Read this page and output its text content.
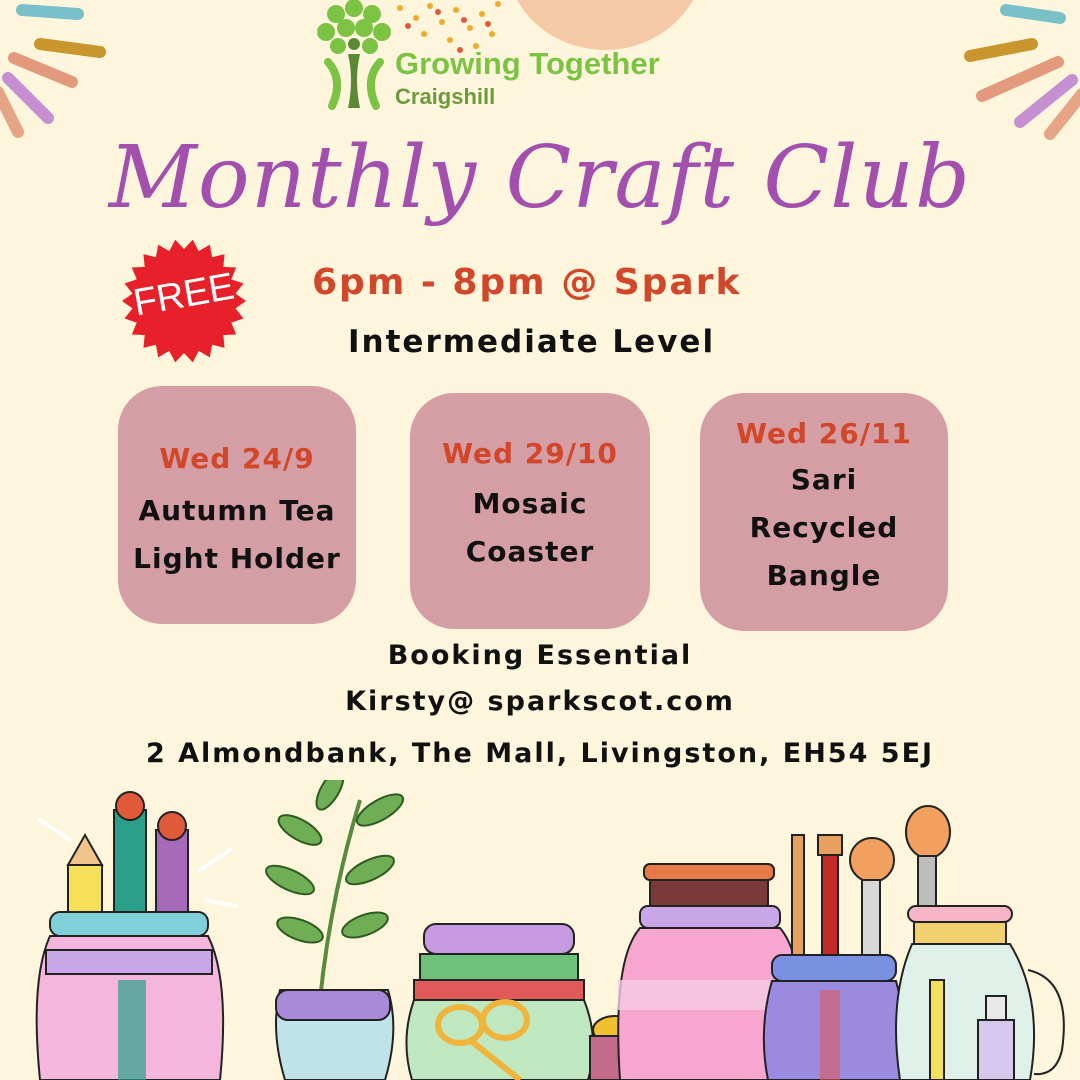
Growing Together
Craigshill
Monthly Craft Club
FREE	6pm - 8pm @ Spark
Intermediate Level
Wed 24/9
Autumn Tea
Light Holder
Wed 29/10
Mosaic
Coaster
Wed 26/11
Sari
Recycled
Bangle
Booking Essential
Kirsty@ sparkscot.com
2 Almondbank, The Mall, Livingston, EH54 5EJ
